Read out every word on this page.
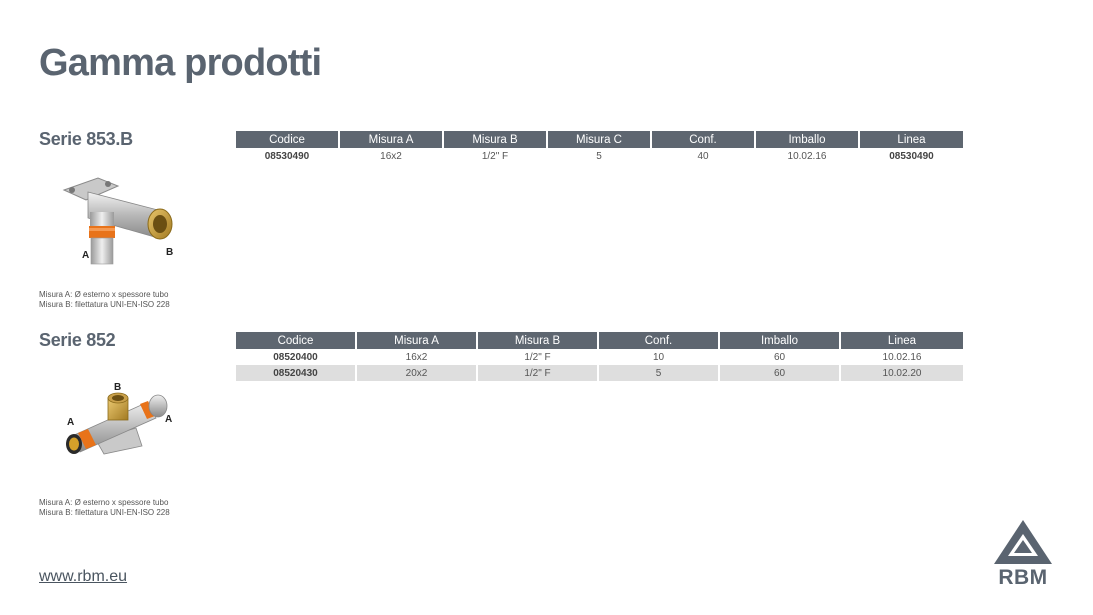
Gamma prodotti
Serie 853.B
A	B
Misura A: Ø esterno x spessore tubo
Misura B: filettatura UNI-EN-ISO 228
Codice	Misura A	Misura B	Misura C	Conf.	Imballo	Linea
08530490	16x2	1/2" F	5	40	10.02.16	08530490
Serie 852
B
A	A
Misura A: Ø esterno x spessore tubo
Misura B: filettatura UNI-EN-ISO 228
Codice	Misura A	Misura B	Conf.	Imballo	Linea
08520400	16x2	1/2" F	10	60	10.02.16
08520430	20x2	1/2" F	5	60	10.02.20
www.rbm.eu	RBM
